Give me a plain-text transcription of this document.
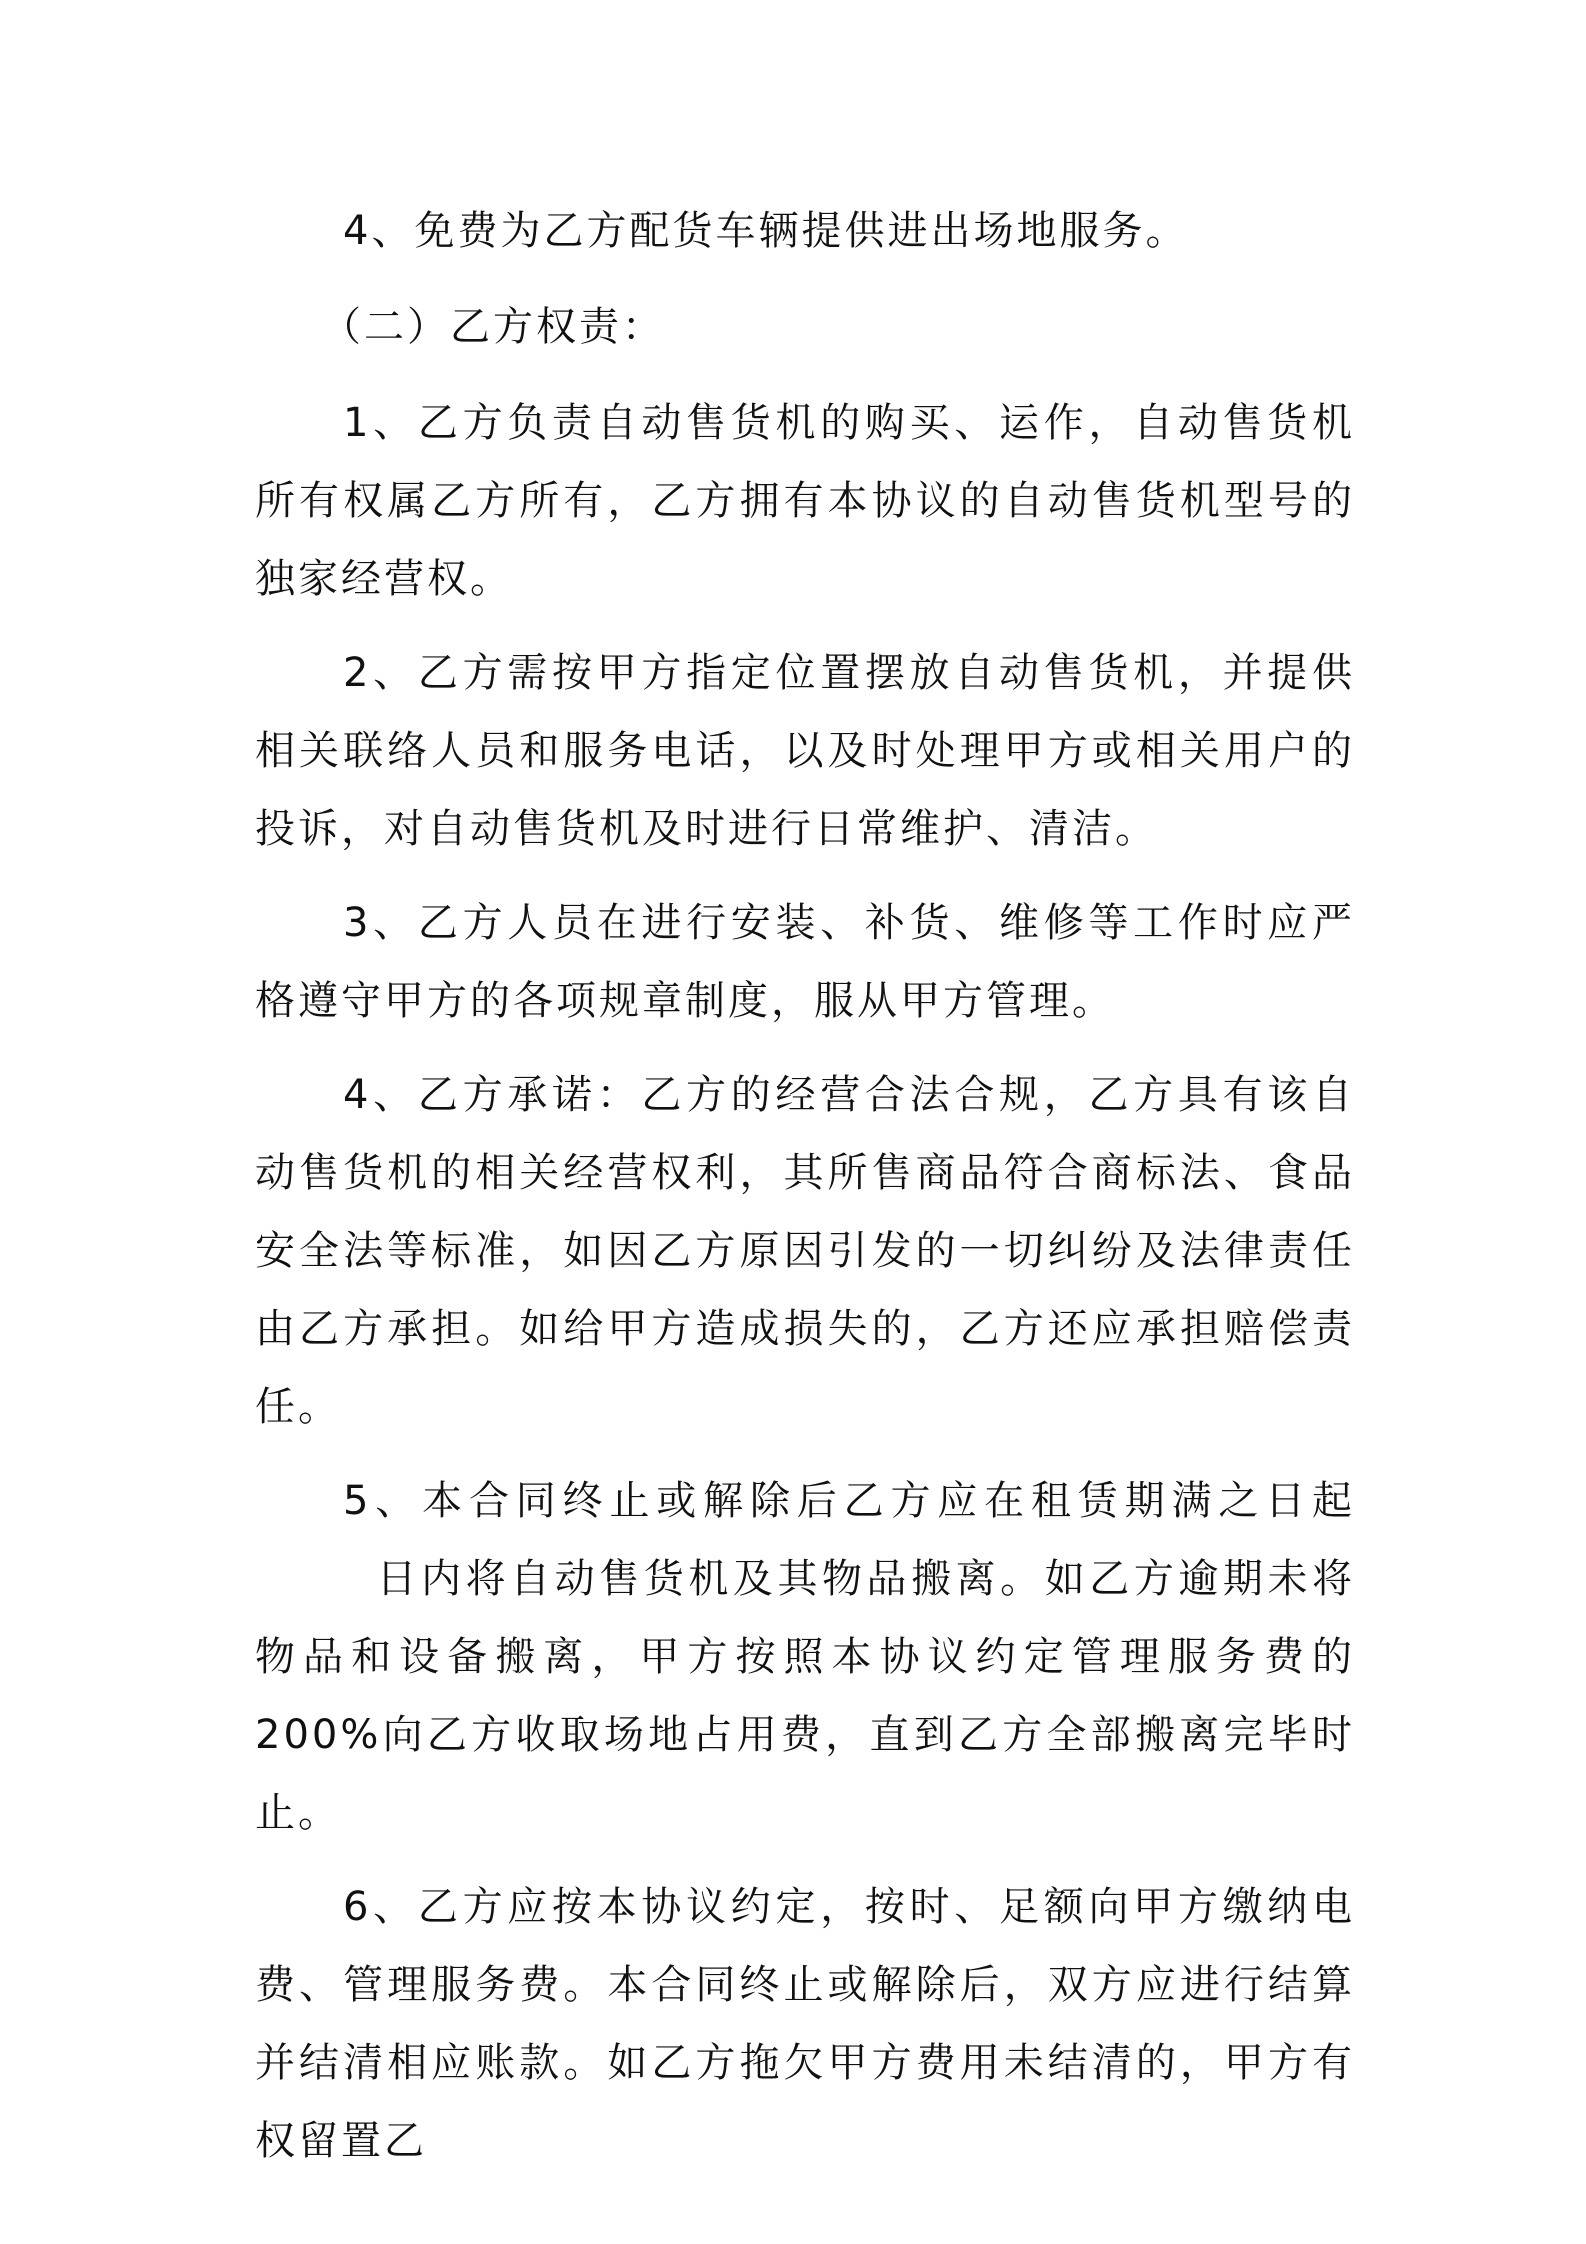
4、免费为乙方配货车辆提供进出场地服务。

（二）乙方权责：

1、乙方负责自动售货机的购买、运作，自动售货机所有权属乙方所有，乙方拥有本协议的自动售货机型号的独家经营权。

2、乙方需按甲方指定位置摆放自动售货机，并提供相关联络人员和服务电话，以及时处理甲方或相关用户的投诉，对自动售货机及时进行日常维护、清洁。

3、乙方人员在进行安装、补货、维修等工作时应严格遵守甲方的各项规章制度，服从甲方管理。

4、乙方承诺：乙方的经营合法合规，乙方具有该自动售货机的相关经营权利，其所售商品符合商标法、食品安全法等标准，如因乙方原因引发的一切纠纷及法律责任由乙方承担。如给甲方造成损失的，乙方还应承担赔偿责任。

5、本合同终止或解除后乙方应在租赁期满之日起日内将自动售货机及其物品搬离。如乙方逾期未将物品和设备搬离，甲方按照本协议约定管理服务费的 200%向乙方收取场地占用费，直到乙方全部搬离完毕时止。

6、乙方应按本协议约定，按时、足额向甲方缴纳电费、管理服务费。本合同终止或解除后，双方应进行结算并结清相应账款。如乙方拖欠甲方费用未结清的，甲方有权留置乙
